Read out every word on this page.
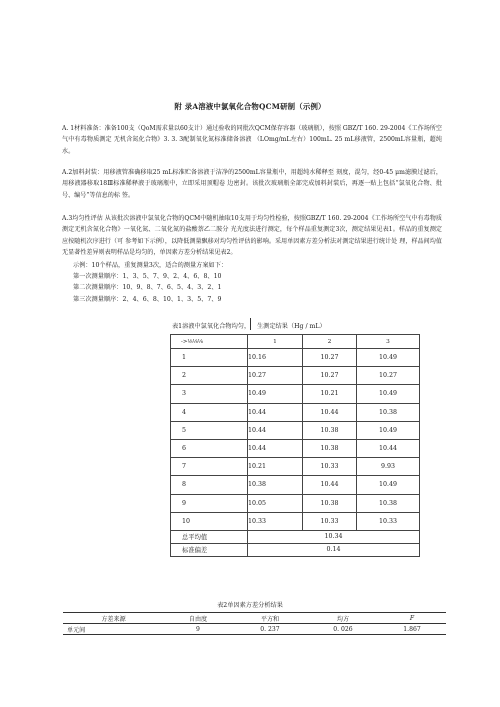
附 录A溶液中氯氧化合物QCM研制（示例）
A. 1材料准备：准备100支（QoM需求量以60支计）通过验收的同批次QCM保存容器（玻璃瓶），按照 GBZ/T 160. 29-2004《工作场所空气中有毒物质测定 无机含氮化合物》3. 3. 3配制氧化氮标准储备溶液 （LOmg/mL左右）100mL. 25 mL移液管，2500mL容量瓶，超纯水。
A.2加料封装：用移液管准确移取25 mL标准贮备溶液于洁净的2500mL容量瓶中，用超纯水稀释至 刻度，混匀，经0-45 μm滤膜过滤后，用移液器移取18Ⅲ标准稀释液于玻璃瓶中，立即采用顶帽卷 边密封。该批次玻璃瓶全部完成加料封装后，再逐一贴上包括“氯氧化合物、批号、编号”等信息的标 签。
A.3均匀性评估 从该批次溶液中氯氧化合物的QCM中随机抽取10支用于均匀性检验，按照GBZ/T 160. 29-2004《工作场所空气中有毒物质测定无机含氮化合物》一氧化氮、二氧化氮的盐酸萘乙二胺分 光光度法进行测定，每个样品重复测定3次，测定结果见表1。样品的重复测定应按随机次序进行（可 参考如下示例），以降低测量飘移对均匀性评估的影响。采用单因素方差分析法对测定结果进行统计处 理，样品间均值无显著性差异则表明样品是均匀的，单因素方差分析结果见表2。
示例：10个样品，重复测量3次，适合的测量方案如下：
第一次测量顺序：1、3、5、7、9、2、4、6、8、10
第二次测量顺序：10、9、8、7、6、5、4、3、2、1
第三次测量顺序：2、4、6、8、10、1、3、5、7、9
表1溶液中氯氧化合物均匀， 生测定结果（Hg / mL）
->⅛⅛⅛	1	2	3
1	10.16	10.27	10.49
2	10.27	10.27	10.27
3	10.49	10.21	10.49
4	10.44	10.44	10.38
5	10.44	10.38	10.49
6	10.44	10.38	10.44
7	10.21	10.33	9.93
8	10.38	10.44	10.49
9	10.05	10.38	10.38
10	10.33	10.33	10.33
总平均值	10.34		
标准偏差	0.14		
表2单因素方差分析结果
方差来源	自由度	平方和	均方	F
单元间	9	0. 237	0. 026	1.867
